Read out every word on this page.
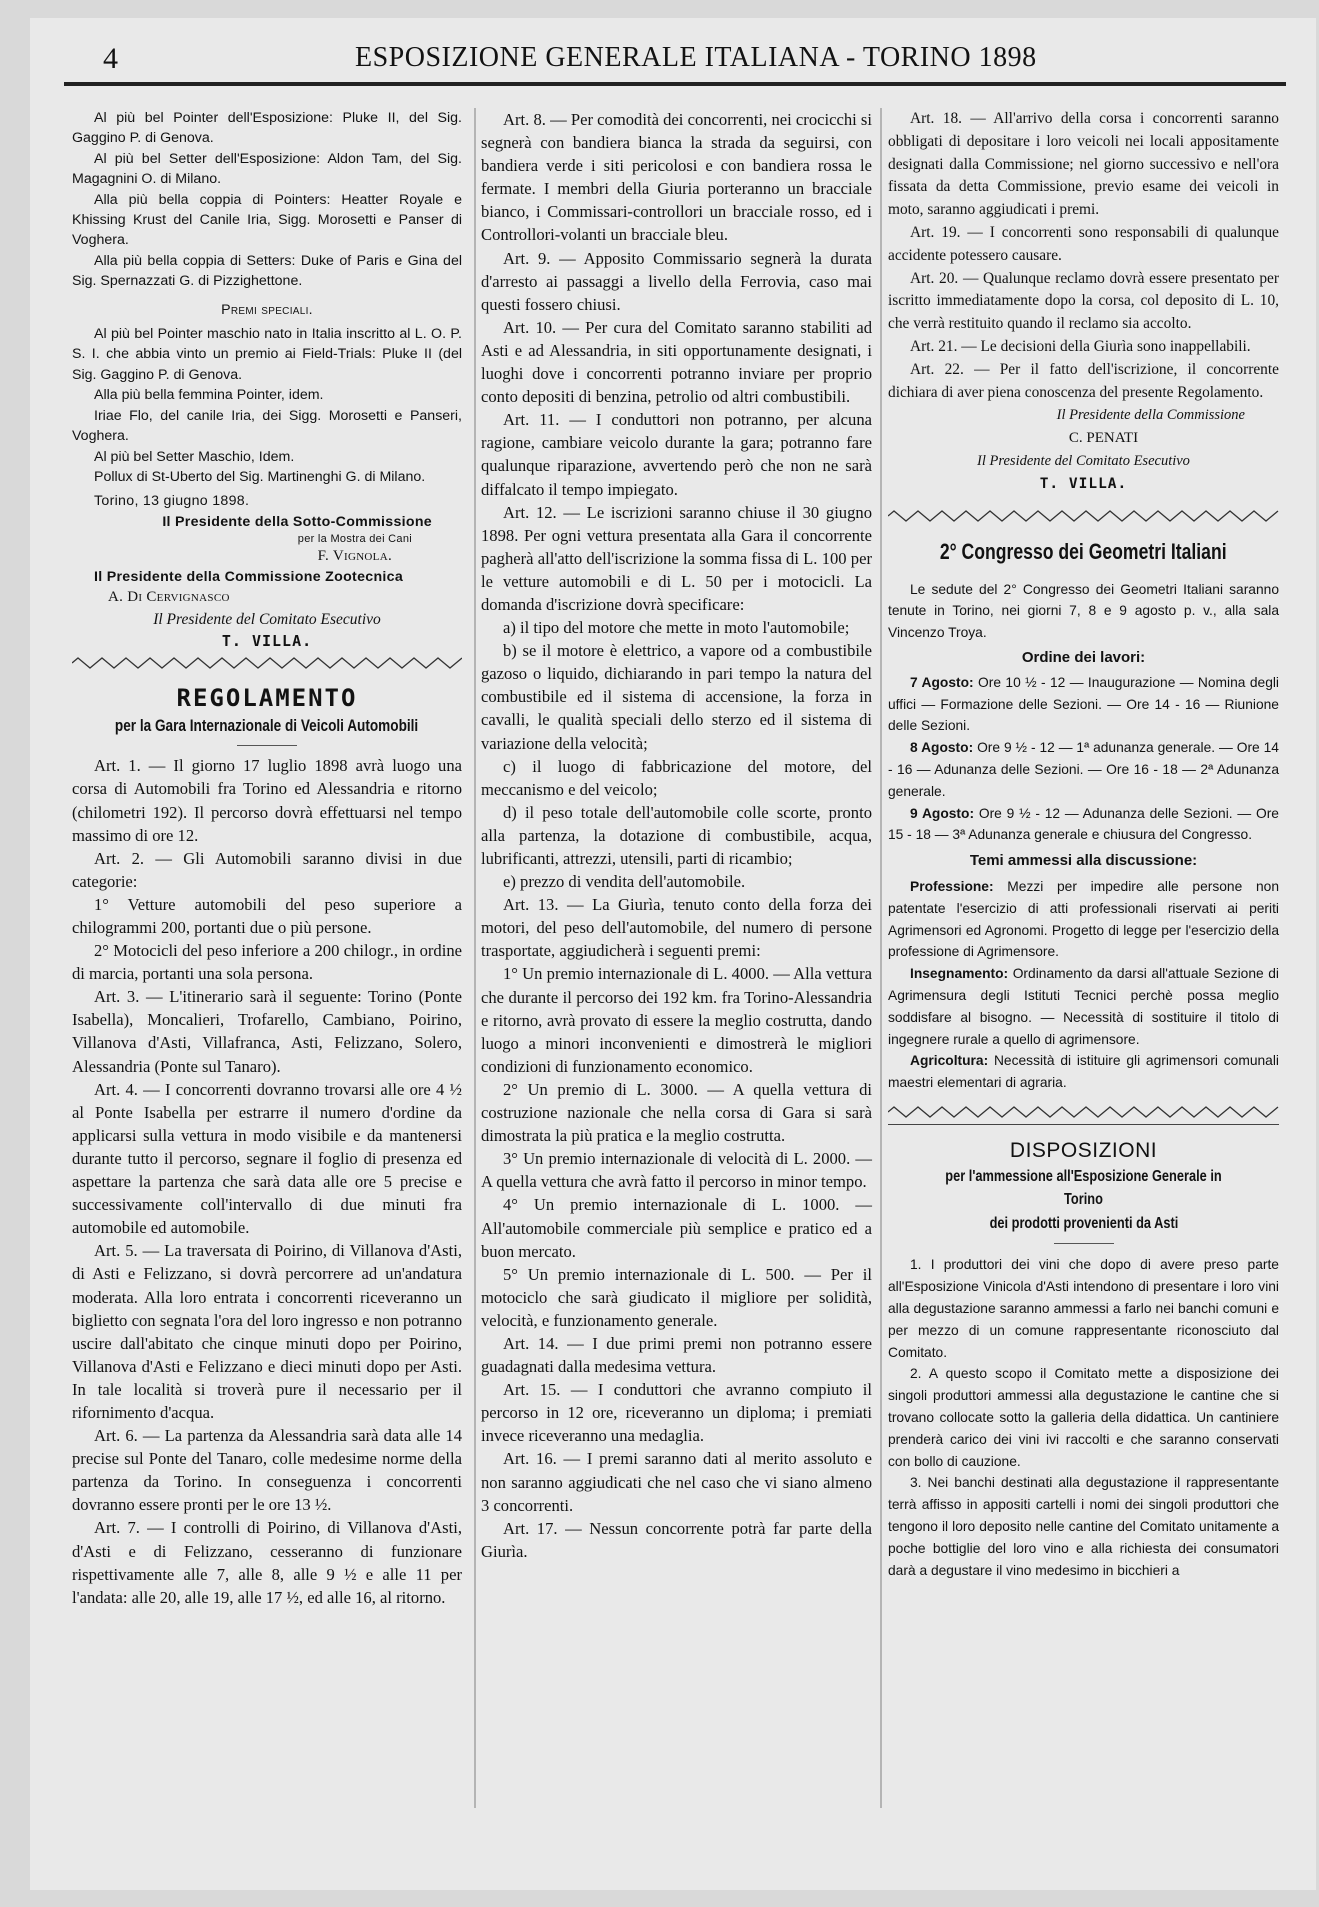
4	ESPOSIZIONE GENERALE ITALIANA - TORINO 1898

Al più bel Pointer dell'Esposizione: Pluke II, del Sig. Gaggino P. di Genova.

Al più bel Setter dell'Esposizione: Aldon Tam, del Sig. Magagnini O. di Milano.

Alla più bella coppia di Pointers: Heatter Royale e Khissing Krust del Canile Iria, Sigg. Morosetti e Panser di Voghera.

Alla più bella coppia di Setters: Duke of Paris e Gina del Sig. Spernazzati G. di Pizzighettone.

Premi speciali.

Al più bel Pointer maschio nato in Italia inscritto al L. O. P. S. I. che abbia vinto un premio ai Field-Trials: Pluke II (del Sig. Gaggino P. di Genova.

Alla più bella femmina Pointer, idem.

Iriae Flo, del canile Iria, dei Sigg. Morosetti e Panseri, Voghera.

Al più bel Setter Maschio, Idem.

Pollux di St-Uberto del Sig. Martinenghi G. di Milano.

Torino, 13 giugno 1898.

Il Presidente della Sotto-Commissione

per la Mostra dei Cani

F. Vignola.

Il Presidente della Commissione Zootecnica

A. Di Cervignasco

Il Presidente del Comitato Esecutivo

T. VILLA.

REGOLAMENTO

per la Gara Internazionale di Veicoli Automobili

Art. 1. — Il giorno 17 luglio 1898 avrà luogo una corsa di Automobili fra Torino ed Alessandria e ritorno (chilometri 192). Il percorso dovrà effettuarsi nel tempo massimo di ore 12.

Art. 2. — Gli Automobili saranno divisi in due categorie:

1° Vetture automobili del peso superiore a chilogrammi 200, portanti due o più persone.

2° Motocicli del peso inferiore a 200 chilogr., in ordine di marcia, portanti una sola persona.

Art. 3. — L'itinerario sarà il seguente: Torino (Ponte Isabella), Moncalieri, Trofarello, Cambiano, Poirino, Villanova d'Asti, Villafranca, Asti, Felizzano, Solero, Alessandria (Ponte sul Tanaro).

Art. 4. — I concorrenti dovranno trovarsi alle ore 4 ½ al Ponte Isabella per estrarre il numero d'ordine da applicarsi sulla vettura in modo visibile e da mantenersi durante tutto il percorso, segnare il foglio di presenza ed aspettare la partenza che sarà data alle ore 5 precise e successivamente coll'intervallo di due minuti fra automobile ed automobile.

Art. 5. — La traversata di Poirino, di Villanova d'Asti, di Asti e Felizzano, si dovrà percorrere ad un'andatura moderata. Alla loro entrata i concorrenti riceveranno un biglietto con segnata l'ora del loro ingresso e non potranno uscire dall'abitato che cinque minuti dopo per Poirino, Villanova d'Asti e Felizzano e dieci minuti dopo per Asti. In tale località si troverà pure il necessario per il rifornimento d'acqua.

Art. 6. — La partenza da Alessandria sarà data alle 14 precise sul Ponte del Tanaro, colle medesime norme della partenza da Torino. In conseguenza i concorrenti dovranno essere pronti per le ore 13 ½.

Art. 7. — I controlli di Poirino, di Villanova d'Asti, d'Asti e di Felizzano, cesseranno di funzionare rispettivamente alle 7, alle 8, alle 9 ½ e alle 11 per l'andata: alle 20, alle 19, alle 17 ½, ed alle 16, al ritorno.

Art. 8. — Per comodità dei concorrenti, nei crocicchi si segnerà con bandiera bianca la strada da seguirsi, con bandiera verde i siti pericolosi e con bandiera rossa le fermate. I membri della Giuria porteranno un bracciale bianco, i Commissari-controllori un bracciale rosso, ed i Controllori-volanti un bracciale bleu.

Art. 9. — Apposito Commissario segnerà la durata d'arresto ai passaggi a livello della Ferrovia, caso mai questi fossero chiusi.

Art. 10. — Per cura del Comitato saranno stabiliti ad Asti e ad Alessandria, in siti opportunamente designati, i luoghi dove i concorrenti potranno inviare per proprio conto depositi di benzina, petrolio od altri combustibili.

Art. 11. — I conduttori non potranno, per alcuna ragione, cambiare veicolo durante la gara; potranno fare qualunque riparazione, avvertendo però che non ne sarà diffalcato il tempo impiegato.

Art. 12. — Le iscrizioni saranno chiuse il 30 giugno 1898. Per ogni vettura presentata alla Gara il concorrente pagherà all'atto dell'iscrizione la somma fissa di L. 100 per le vetture automobili e di L. 50 per i motocicli. La domanda d'iscrizione dovrà specificare:

a) il tipo del motore che mette in moto l'automobile;

b) se il motore è elettrico, a vapore od a combustibile gazoso o liquido, dichiarando in pari tempo la natura del combustibile ed il sistema di accensione, la forza in cavalli, le qualità speciali dello sterzo ed il sistema di variazione della velocità;

c) il luogo di fabbricazione del motore, del meccanismo e del veicolo;

d) il peso totale dell'automobile colle scorte, pronto alla partenza, la dotazione di combustibile, acqua, lubrificanti, attrezzi, utensili, parti di ricambio;

e) prezzo di vendita dell'automobile.

Art. 13. — La Giurìa, tenuto conto della forza dei motori, del peso dell'automobile, del numero di persone trasportate, aggiudicherà i seguenti premi:

1° Un premio internazionale di L. 4000. — Alla vettura che durante il percorso dei 192 km. fra Torino-Alessandria e ritorno, avrà provato di essere la meglio costrutta, dando luogo a minori inconvenienti e dimostrerà le migliori condizioni di funzionamento economico.

2° Un premio di L. 3000. — A quella vettura di costruzione nazionale che nella corsa di Gara si sarà dimostrata la più pratica e la meglio costrutta.

3° Un premio internazionale di velocità di L. 2000. — A quella vettura che avrà fatto il percorso in minor tempo.

4° Un premio internazionale di L. 1000. — All'automobile commerciale più semplice e pratico ed a buon mercato.

5° Un premio internazionale di L. 500. — Per il motociclo che sarà giudicato il migliore per solidità, velocità, e funzionamento generale.

Art. 14. — I due primi premi non potranno essere guadagnati dalla medesima vettura.

Art. 15. — I conduttori che avranno compiuto il percorso in 12 ore, riceveranno un diploma; i premiati invece riceveranno una medaglia.

Art. 16. — I premi saranno dati al merito assoluto e non saranno aggiudicati che nel caso che vi siano almeno 3 concorrenti.

Art. 17. — Nessun concorrente potrà far parte della Giurìa.

Art. 18. — All'arrivo della corsa i concorrenti saranno obbligati di depositare i loro veicoli nei locali appositamente designati dalla Commissione; nel giorno successivo e nell'ora fissata da detta Commissione, previo esame dei veicoli in moto, saranno aggiudicati i premi.

Art. 19. — I concorrenti sono responsabili di qualunque accidente potessero causare.

Art. 20. — Qualunque reclamo dovrà essere presentato per iscritto immediatamente dopo la corsa, col deposito di L. 10, che verrà restituito quando il reclamo sia accolto.

Art. 21. — Le decisioni della Giurìa sono inappellabili.

Art. 22. — Per il fatto dell'iscrizione, il concorrente dichiara di aver piena conoscenza del presente Regolamento.

Il Presidente della Commissione

C. PENATI

Il Presidente del Comitato Esecutivo

T. VILLA.

2° Congresso dei Geometri Italiani

Le sedute del 2° Congresso dei Geometri Italiani saranno tenute in Torino, nei giorni 7, 8 e 9 agosto p. v., alla sala Vincenzo Troya.

Ordine dei lavori:

7 Agosto: Ore 10 ½ - 12 — Inaugurazione — Nomina degli uffici — Formazione delle Sezioni. — Ore 14 - 16 — Riunione delle Sezioni.

8 Agosto: Ore 9 ½ - 12 — 1ª adunanza generale. — Ore 14 - 16 — Adunanza delle Sezioni. — Ore 16 - 18 — 2ª Adunanza generale.

9 Agosto: Ore 9 ½ - 12 — Adunanza delle Sezioni. — Ore 15 - 18 — 3ª Adunanza generale e chiusura del Congresso.

Temi ammessi alla discussione:

Professione: Mezzi per impedire alle persone non patentate l'esercizio di atti professionali riservati ai periti Agrimensori ed Agronomi. Progetto di legge per l'esercizio della professione di Agrimensore.

Insegnamento: Ordinamento da darsi all'attuale Sezione di Agrimensura degli Istituti Tecnici perchè possa meglio soddisfare al bisogno. — Necessità di sostituire il titolo di ingegnere rurale a quello di agrimensore.

Agricoltura: Necessità di istituire gli agrimensori comunali maestri elementari di agraria.

DISPOSIZIONI

per l'ammessione all'Esposizione Generale in Torino

dei prodotti provenienti da Asti

1. I produttori dei vini che dopo di avere preso parte all'Esposizione Vinicola d'Asti intendono di presentare i loro vini alla degustazione saranno ammessi a farlo nei banchi comuni e per mezzo di un comune rappresentante riconosciuto dal Comitato.

2. A questo scopo il Comitato mette a disposizione dei singoli produttori ammessi alla degustazione le cantine che si trovano collocate sotto la galleria della didattica. Un cantiniere prenderà carico dei vini ivi raccolti e che saranno conservati con bollo di cauzione.

3. Nei banchi destinati alla degustazione il rappresentante terrà affisso in appositi cartelli i nomi dei singoli produttori che tengono il loro deposito nelle cantine del Comitato unitamente a poche bottiglie del loro vino e alla richiesta dei consumatori darà a degustare il vino medesimo in bicchieri a
